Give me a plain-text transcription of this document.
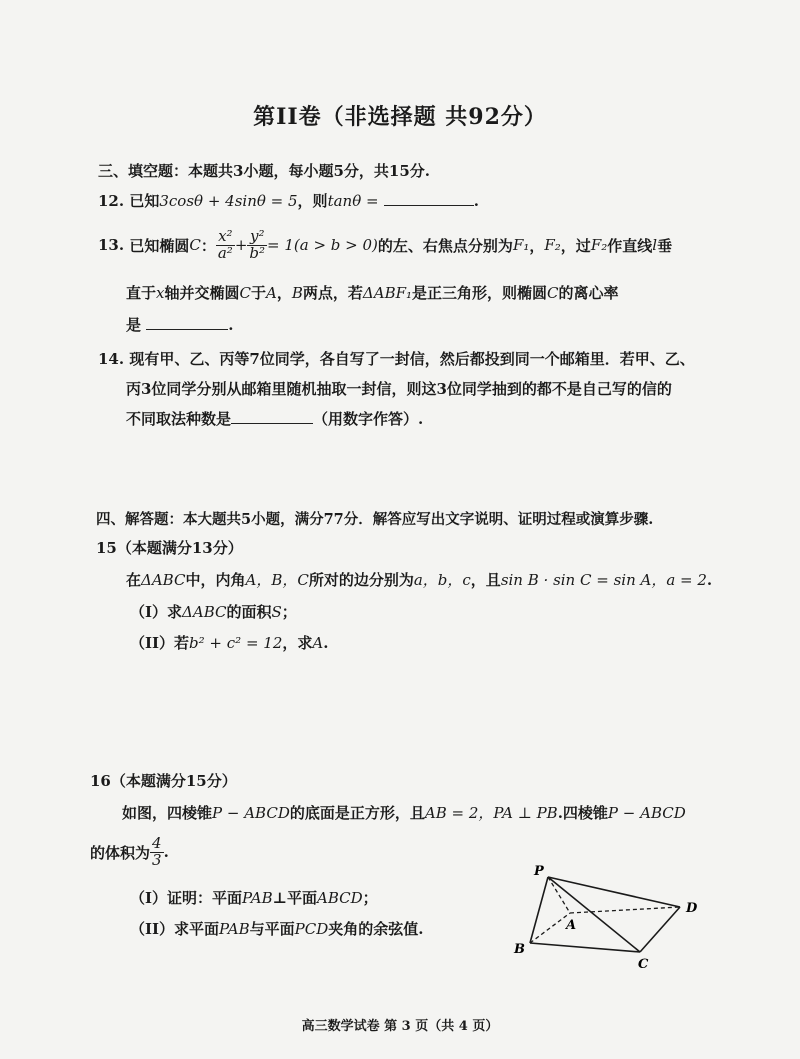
第II卷（非选择题 共92分）
三、填空题：本题共3小题，每小题5分，共15分.
12. 已知3cosθ + 4sinθ = 5，则tanθ =	.
13.
已知椭圆 C ： $\frac{\text{x²}}{\text{a²}} + \frac{\text{y²}}{\text{b²}} = 1(a > b > 0)$ 的左、右焦点分别为 F₁ ， F₂ ，过 F₂ 作直线 l 垂
直于x轴并交椭圆C于A，B两点，若ΔABF₁是正三角形，则椭圆C的离心率
是	.
14. 现有甲、乙、丙等7位同学，各自写了一封信，然后都投到同一个邮箱里．若甲、乙、
丙3位同学分别从邮箱里随机抽取一封信，则这3位同学抽到的都不是自己写的信的
不同取法种数是	（用数字作答）.
四、解答题：本大题共5小题，满分77分．解答应写出文字说明、证明过程或演算步骤.
15（本题满分13分）
在ΔABC中，内角A，B，C所对的边分别为a，b，c，且sin B · sin C = sin A，a = 2.
（I）求ΔABC的面积S；
（II）若b² + c² = 12，求A.
16（本题满分15分）
如图，四棱锥P − ABCD的底面是正方形，且AB = 2，PA ⊥ PB.四棱锥P − ABCD
的体积为 $\frac{4}{3}$ .
（I）证明：平面PAB⊥平面ABCD；
（II）求平面PAB与平面PCD夹角的余弦值.
P
A
B
C
D
高三数学试卷 第 3 页（共 4 页）
